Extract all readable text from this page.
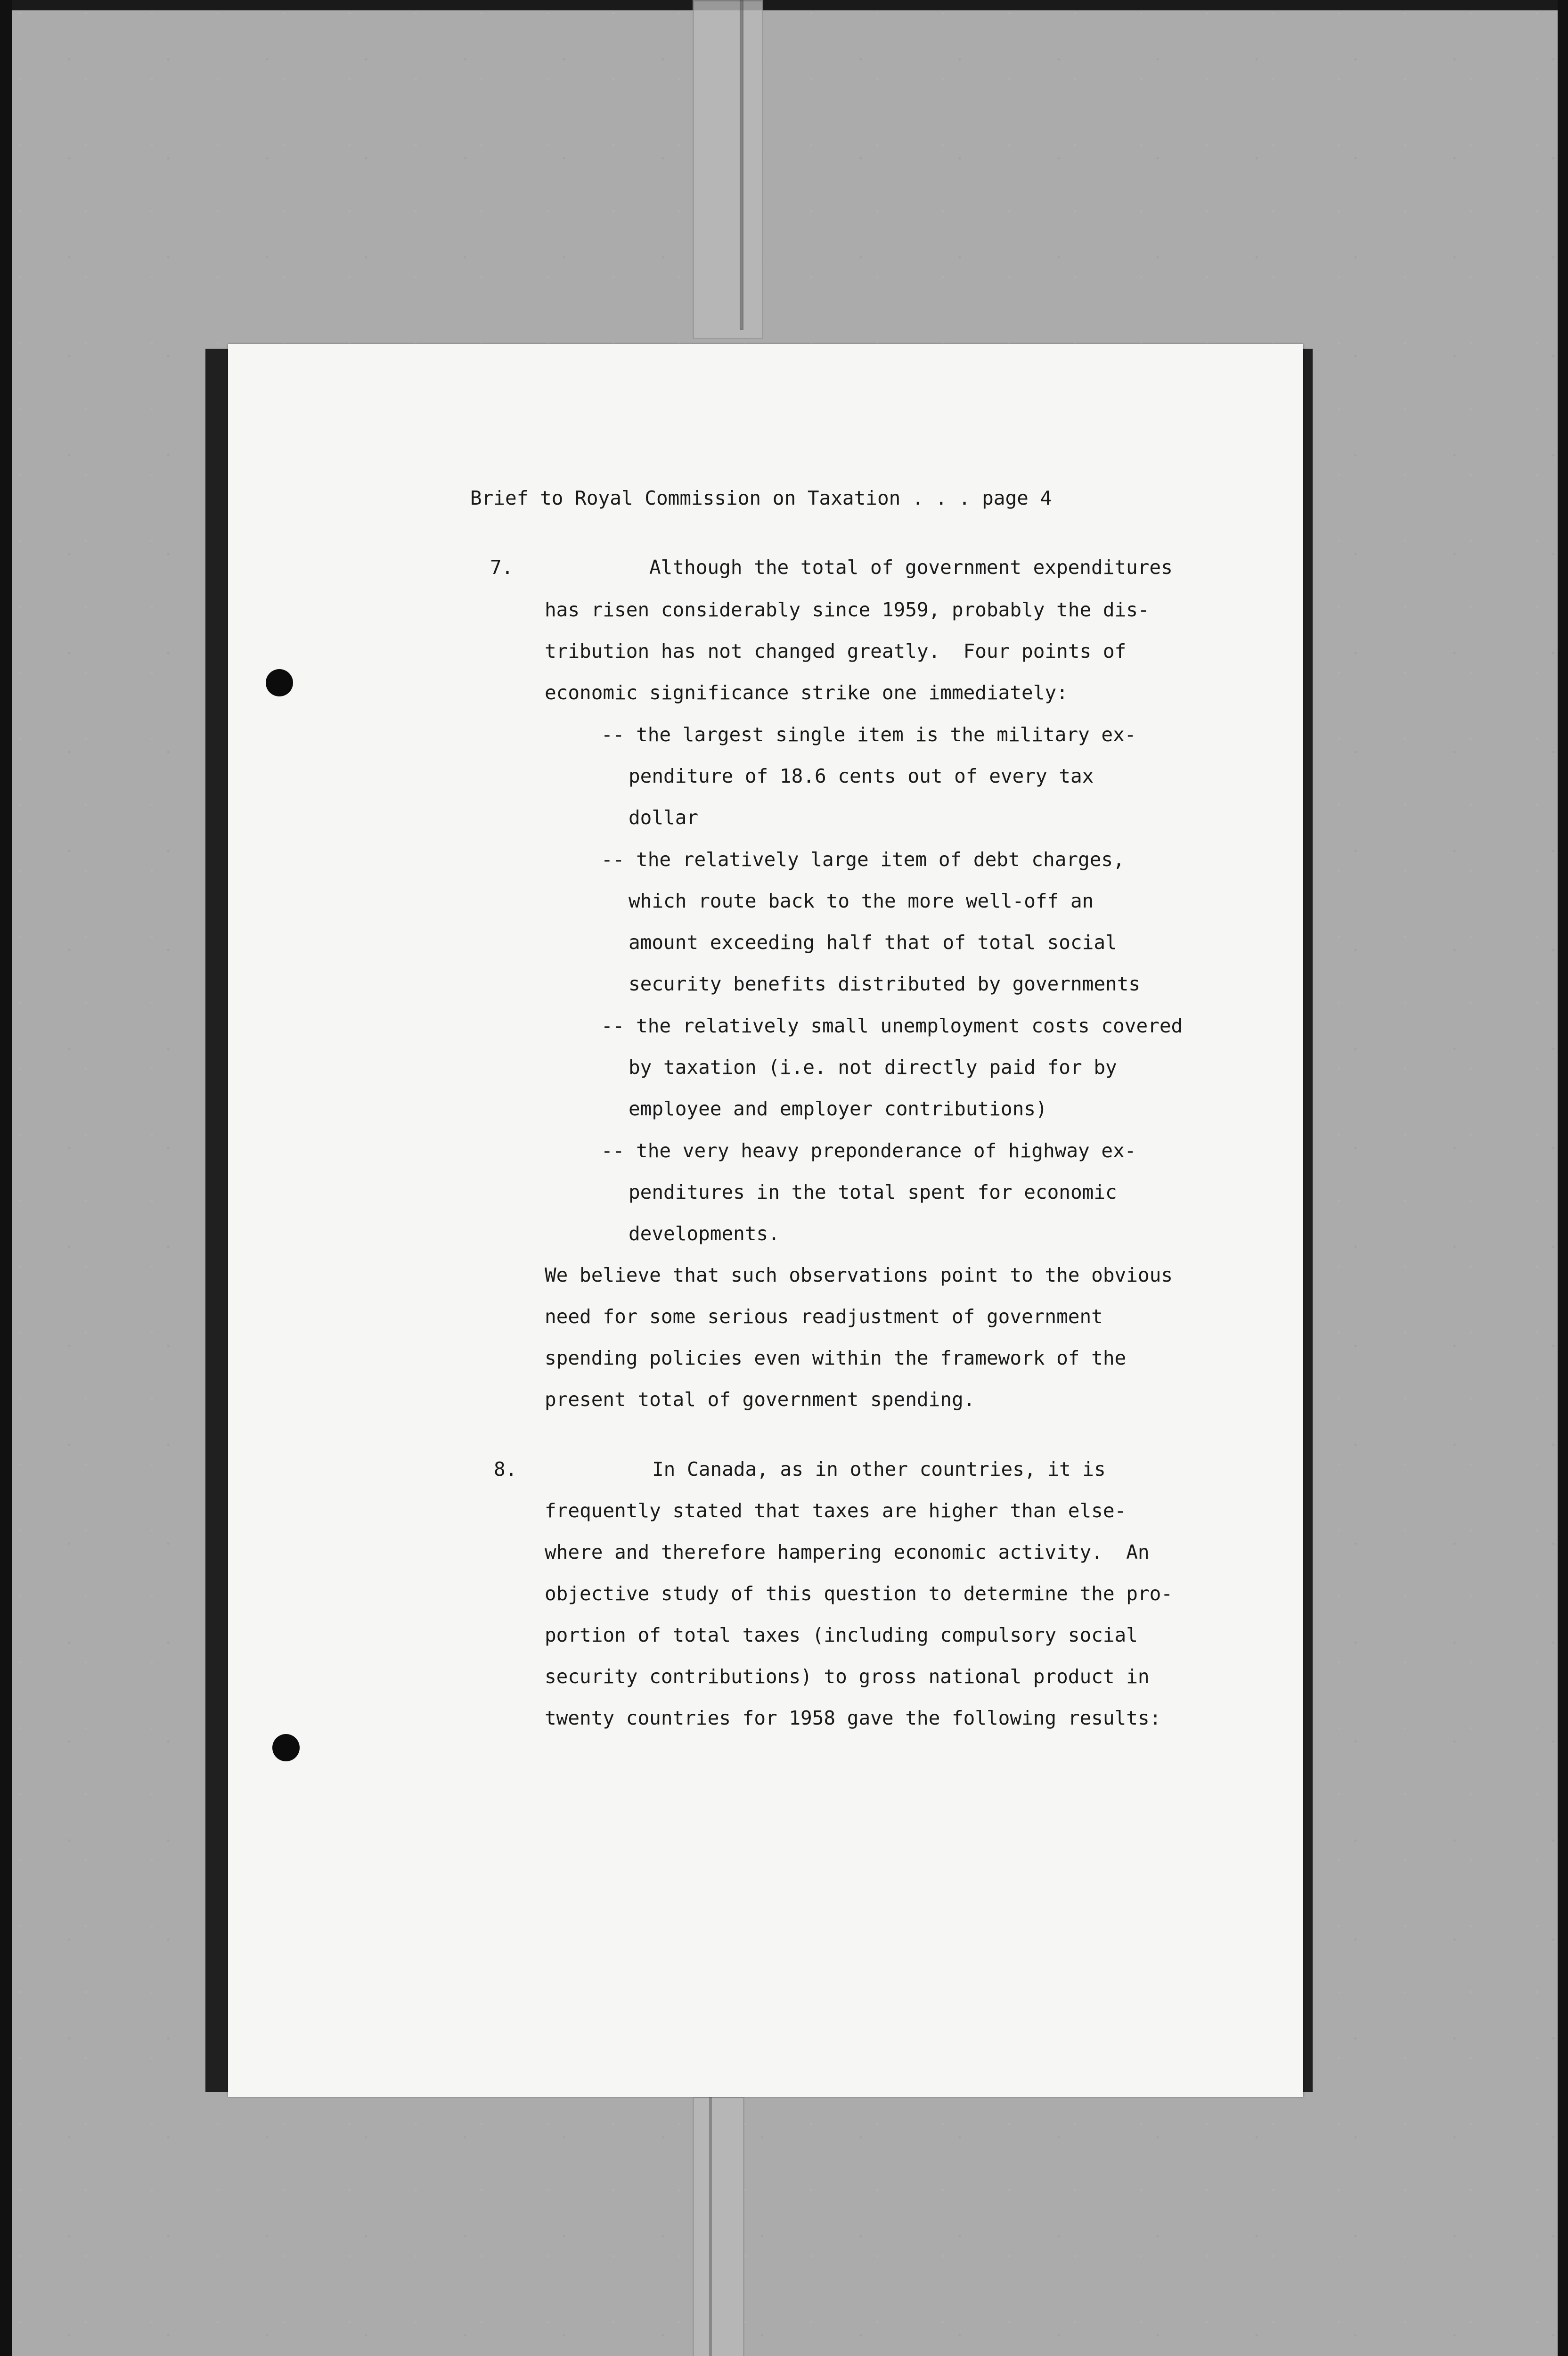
Brief to Royal Commission on Taxation . . . page 4

7.

	Although the total of government expenditures

has risen considerably since 1959, probably the dis-

tribution has not changed greatly.  Four points of

economic significance strike one immediately:

-- the largest single item is the military ex-

penditure of 18.6 cents out of every tax

dollar

-- the relatively large item of debt charges,

which route back to the more well-off an

amount exceeding half that of total social

security benefits distributed by governments

-- the relatively small unemployment costs covered

by taxation (i.e. not directly paid for by

employee and employer contributions)

-- the very heavy preponderance of highway ex-

penditures in the total spent for economic

developments.

We believe that such observations point to the obvious

need for some serious readjustment of government

spending policies even within the framework of the

present total of government spending.

8.

	In Canada, as in other countries, it is

frequently stated that taxes are higher than else-

where and therefore hampering economic activity.  An

objective study of this question to determine the pro-

portion of total taxes (including compulsory social

security contributions) to gross national product in

twenty countries for 1958 gave the following results:
